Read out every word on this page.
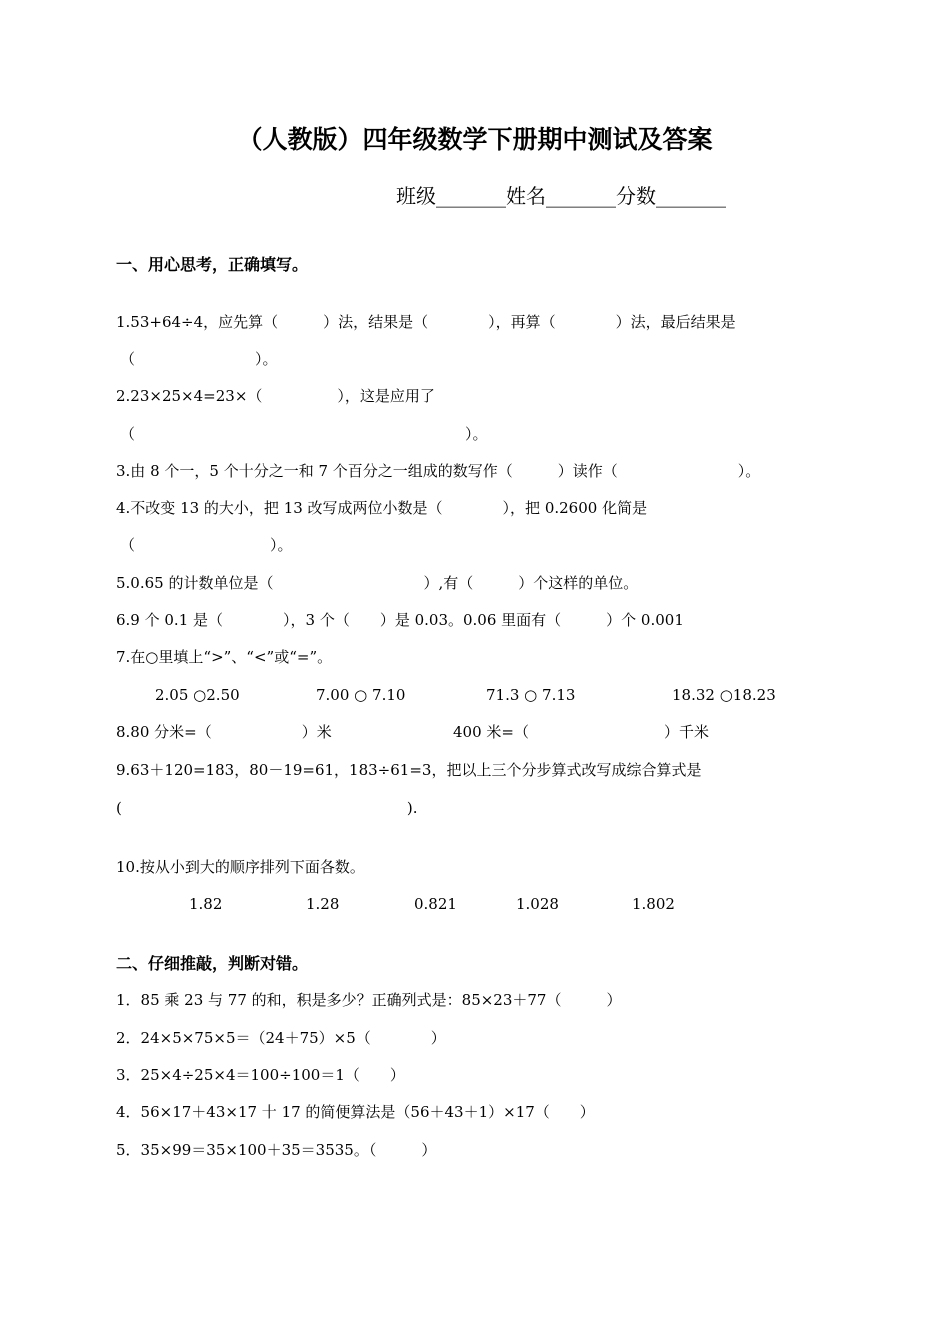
（人教版）四年级数学下册期中测试及答案
班级_______姓名_______分数_______
一、用心思考，正确填写。
1.53+64÷4，应先算（　　　）法，结果是（　　　　），再算（　　　　）法，最后结果是
（　　　　　　　　）。
2.23×25×4=23×（　　　　　），这是应用了
（　　　　　　　　　　　　　　　　　　　　　　）。
3.由 8 个一，5 个十分之一和 7 个百分之一组成的数写作（　　　）读作（　　　　　　　　）。
4.不改变 13 的大小，把 13 改写成两位小数是（　　　　），把 0.2600 化简是
（　　　　　　　　　）。
5.0.65 的计数单位是（　　　　　　　　　　）,有（　　　）个这样的单位。
6.9 个 0.1 是（　　　　），3 个（　　）是 0.03。0.06 里面有（　　　）个 0.001
7.在○里填上“>”、“<”或“=”。
2.05 ○2.50	7.00 ○ 7.10	71.3 ○ 7.13	18.32 ○18.23
8.80 分米=（　　　　　　）米	400 米=（　　　　　　　　　）千米
9.63＋120=183，80－19=61，183÷61=3，把以上三个分步算式改写成综合算式是
(　　　　　　　　　　　　　　　　　　　).
10.按从小到大的顺序排列下面各数。
1.82	1.28	0.821	1.028	1.802
二、仔细推敲，判断对错。
1．85 乘 23 与 77 的和，积是多少？正确列式是：85×23＋77（　　　）
2．24×5×75×5＝（24＋75）×5（　　　　）
3．25×4÷25×4＝100÷100＝1（　　）
4．56×17＋43×17 十 17 的简便算法是（56＋43＋1）×17（　　）
5．35×99＝35×100＋35＝3535。（　　　）
